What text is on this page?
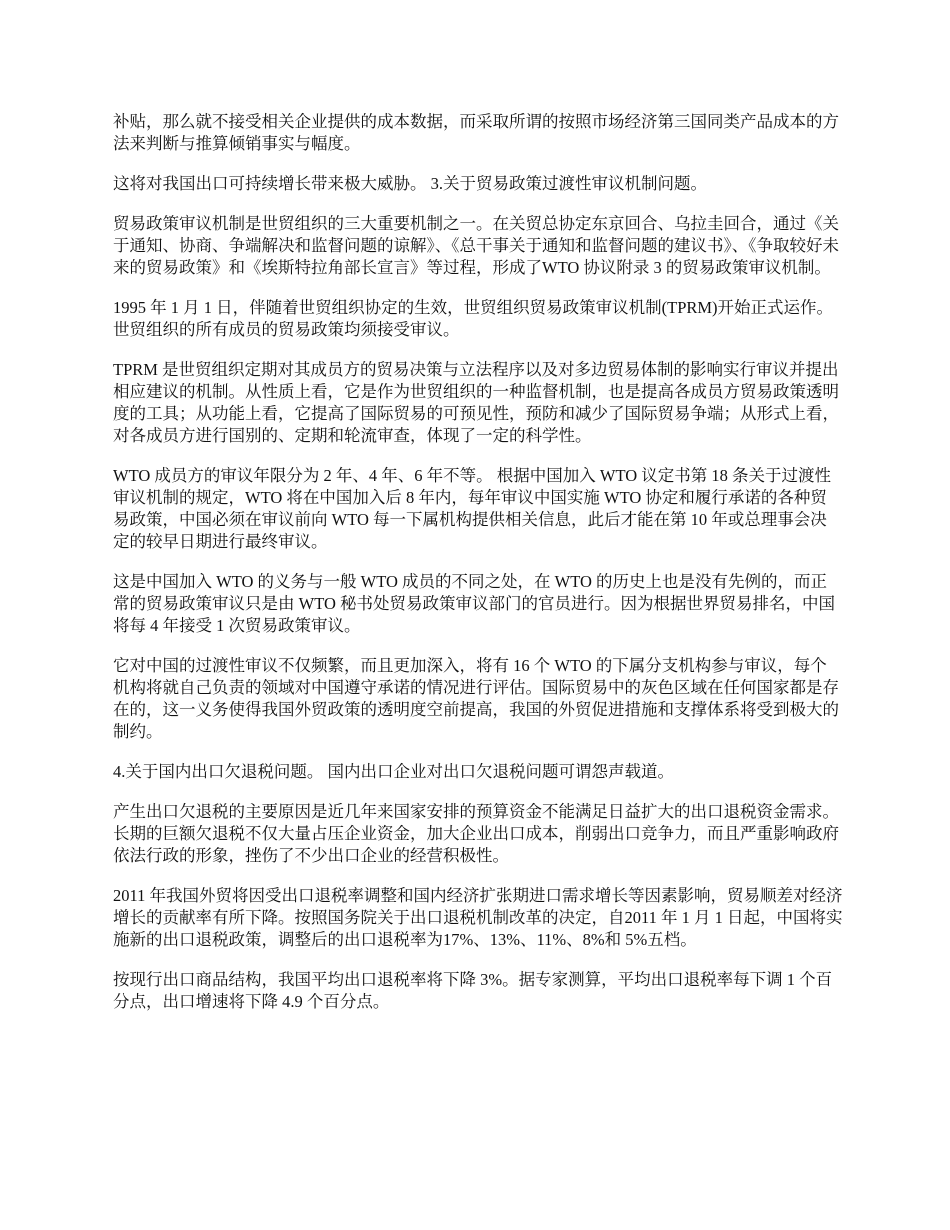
补贴，那么就不接受相关企业提供的成本数据，而采取所谓的按照市场经济第三国同类产品成本的方法来判断与推算倾销事实与幅度。

这将对我国出口可持续增长带来极大威胁。 3.关于贸易政策过渡性审议机制问题。

贸易政策审议机制是世贸组织的三大重要机制之一。在关贸总协定东京回合、乌拉圭回合，通过《关于通知、协商、争端解决和监督问题的谅解》、《总干事关于通知和监督问题的建议书》、《争取较好未来的贸易政策》和《埃斯特拉角部长宣言》等过程，形成了WTO 协议附录 3 的贸易政策审议机制。

1995 年 1 月 1 日，伴随着世贸组织协定的生效，世贸组织贸易政策审议机制(TPRM)开始正式运作。世贸组织的所有成员的贸易政策均须接受审议。

TPRM 是世贸组织定期对其成员方的贸易决策与立法程序以及对多边贸易体制的影响实行审议并提出相应建议的机制。从性质上看，它是作为世贸组织的一种监督机制，也是提高各成员方贸易政策透明度的工具；从功能上看，它提高了国际贸易的可预见性，预防和减少了国际贸易争端；从形式上看，对各成员方进行国别的、定期和轮流审查，体现了一定的科学性。

WTO 成员方的审议年限分为 2 年、4 年、6 年不等。 根据中国加入 WTO 议定书第 18 条关于过渡性审议机制的规定，WTO 将在中国加入后 8 年内，每年审议中国实施 WTO 协定和履行承诺的各种贸易政策，中国必须在审议前向 WTO 每一下属机构提供相关信息，此后才能在第 10 年或总理事会决定的较早日期进行最终审议。

这是中国加入 WTO 的义务与一般 WTO 成员的不同之处，在 WTO 的历史上也是没有先例的，而正常的贸易政策审议只是由 WTO 秘书处贸易政策审议部门的官员进行。因为根据世界贸易排名，中国将每 4 年接受 1 次贸易政策审议。

它对中国的过渡性审议不仅频繁，而且更加深入，将有 16 个 WTO 的下属分支机构参与审议，每个机构将就自己负责的领域对中国遵守承诺的情况进行评估。国际贸易中的灰色区域在任何国家都是存在的，这一义务使得我国外贸政策的透明度空前提高，我国的外贸促进措施和支撑体系将受到极大的制约。

4.关于国内出口欠退税问题。 国内出口企业对出口欠退税问题可谓怨声载道。

产生出口欠退税的主要原因是近几年来国家安排的预算资金不能满足日益扩大的出口退税资金需求。长期的巨额欠退税不仅大量占压企业资金，加大企业出口成本，削弱出口竞争力，而且严重影响政府依法行政的形象，挫伤了不少出口企业的经营积极性。

2011 年我国外贸将因受出口退税率调整和国内经济扩张期进口需求增长等因素影响，贸易顺差对经济增长的贡献率有所下降。按照国务院关于出口退税机制改革的决定，自2011 年 1 月 1 日起，中国将实施新的出口退税政策，调整后的出口退税率为17%、13%、11%、8%和 5%五档。

按现行出口商品结构，我国平均出口退税率将下降 3%。据专家测算，平均出口退税率每下调 1 个百分点，出口增速将下降 4.9 个百分点。
